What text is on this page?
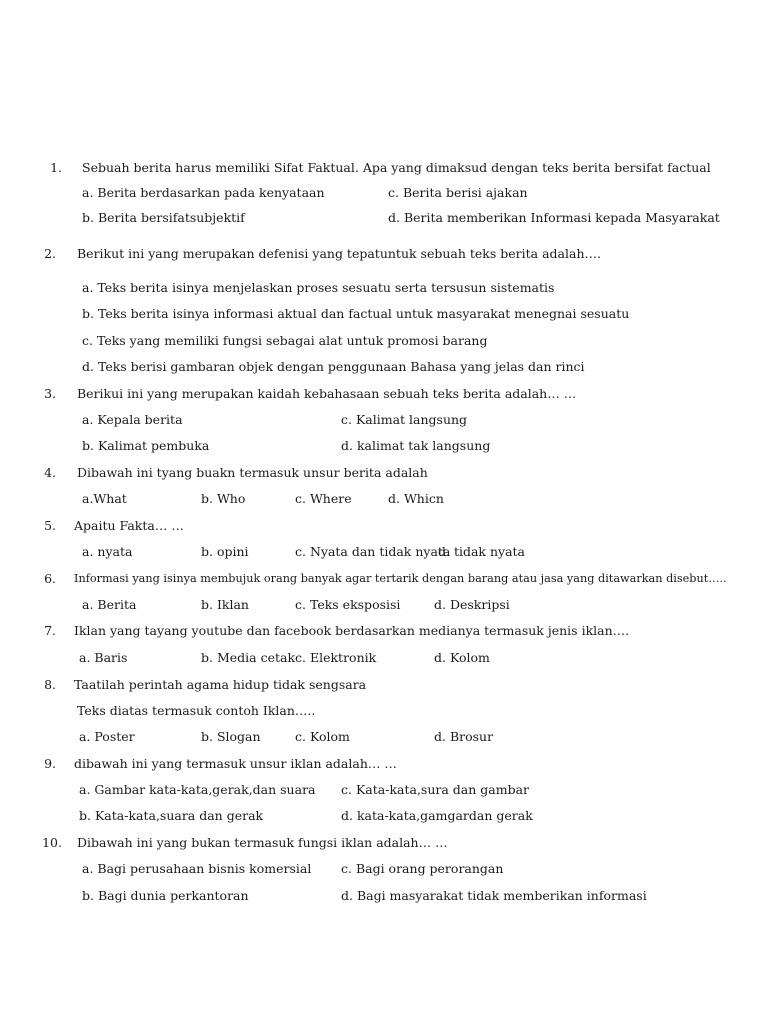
1. Sebuah berita harus memiliki Sifat Faktual. Apa yang dimaksud dengan teks berita bersifat factual
a. Berita berdasarkan pada kenyataan	c. Berita berisi ajakan
b. Berita bersifatsubjektif	d. Berita memberikan Informasi kepada Masyarakat
2. Berikut ini yang merupakan defenisi yang tepatuntuk sebuah teks berita adalah….
a. Teks berita isinya menjelaskan proses sesuatu serta tersusun sistematis
b. Teks berita isinya informasi aktual dan factual untuk masyarakat menegnai sesuatu
c. Teks yang memiliki fungsi sebagai alat untuk promosi barang
d. Teks berisi gambaran objek dengan penggunaan Bahasa yang jelas dan rinci
3. Berikui ini yang merupakan kaidah kebahasaan sebuah teks berita adalah… …
a. Kepala berita	c. Kalimat langsung
b. Kalimat pembuka	d. kalimat tak langsung
4. Dibawah ini tyang buakn termasuk unsur berita adalah
a.What	b. Who	c. Where	d. Whicn
5. Apaitu Fakta… …
a. nyata	b. opini	c. Nyata dan tidak nyata
d. tidak nyata
6. Informasi yang isinya membujuk orang banyak agar tertarik dengan barang atau jasa yang ditawarkan disebut…..
a. Berita	b. Iklan	c. Teks eksposisi	d. Deskripsi
7. Iklan yang tayang youtube dan facebook berdasarkan medianya termasuk jenis iklan….
a. Baris	b. Media cetak c. Elektronik	d. Kolom
8. Taatilah perintah agama hidup tidak sengsara
Teks diatas termasuk contoh Iklan…..
a. Poster	b. Slogan	c. Kolom	d. Brosur
9. dibawah ini yang termasuk unsur iklan adalah… …
a. Gambar kata-kata,gerak,dan suara c. Kata-kata,sura dan gambar
b. Kata-kata,suara dan gerak	d. kata-kata,gamgardan gerak
10. Dibawah ini yang bukan termasuk fungsi iklan adalah… …
a. Bagi perusahaan bisnis komersial c. Bagi orang perorangan
b. Bagi dunia perkantoran	d. Bagi masyarakat tidak memberikan informasi
